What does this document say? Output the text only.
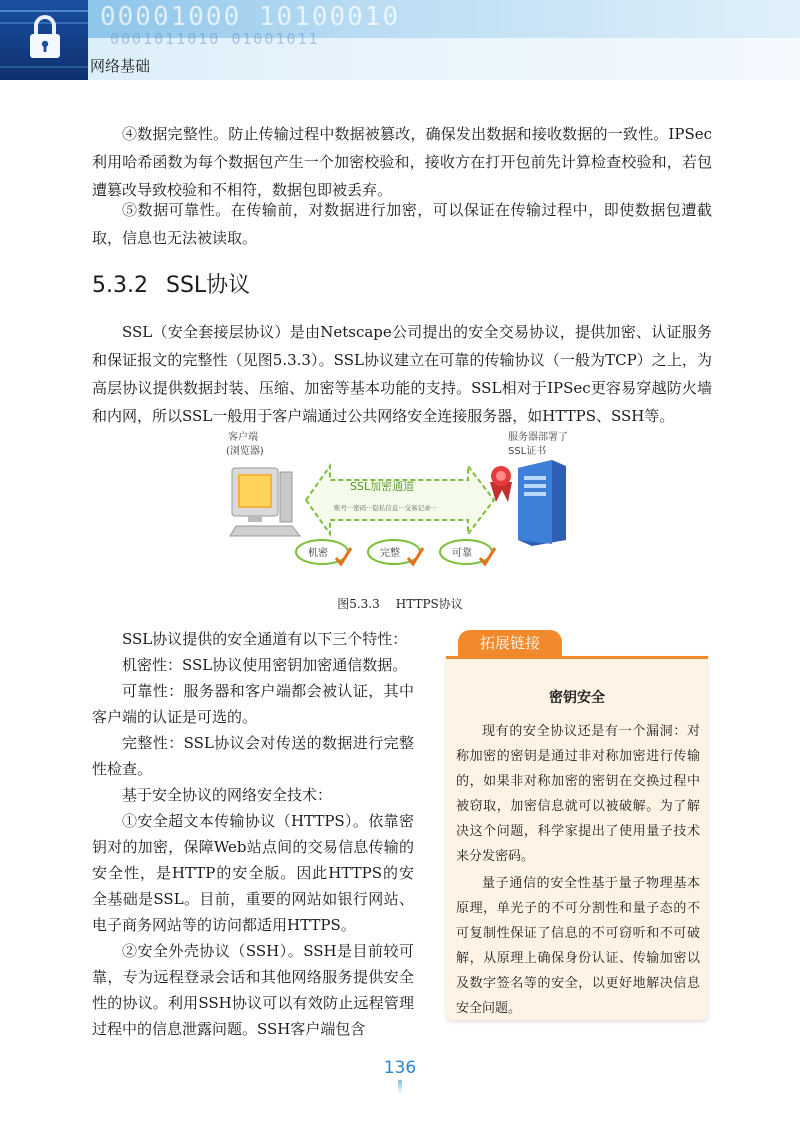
00001000 10100010
0001011010 01001011
网络基础

④数据完整性。防止传输过程中数据被篡改，确保发出数据和接收数据的一致性。IPSec利用哈希函数为每个数据包产生一个加密校验和，接收方在打开包前先计算检查校验和，若包遭篡改导致校验和不相符，数据包即被丢弃。

⑤数据可靠性。在传输前，对数据进行加密，可以保证在传输过程中，即使数据包遭截取，信息也无法被读取。

5.3.2 SSL协议

SSL（安全套接层协议）是由Netscape公司提出的安全交易协议，提供加密、认证服务和保证报文的完整性（见图5.3.3）。SSL协议建立在可靠的传输协议（一般为TCP）之上，为高层协议提供数据封装、压缩、加密等基本功能的支持。SSL相对于IPSec更容易穿越防火墙和内网，所以SSL一般用于客户端通过公共网络安全连接服务器，如HTTPS、SSH等。

客户端
(浏览器)
SSL加密通道
账号···密码···隐私信息···交易记录···
服务器部署了
SSL证书
机密	完整	可靠
图5.3.3 HTTPS协议

SSL协议提供的安全通道有以下三个特性：

机密性：SSL协议使用密钥加密通信数据。

可靠性：服务器和客户端都会被认证，其中客户端的认证是可选的。

完整性：SSL协议会对传送的数据进行完整性检查。

基于安全协议的网络安全技术：

①安全超文本传输协议（HTTPS）。依靠密钥对的加密，保障Web站点间的交易信息传输的安全性，是HTTP的安全版。因此HTTPS的安全基础是SSL。目前，重要的网站如银行网站、电子商务网站等的访问都适用HTTPS。

②安全外壳协议（SSH）。SSH是目前较可靠，专为远程登录会话和其他网络服务提供安全性的协议。利用SSH协议可以有效防止远程管理过程中的信息泄露问题。SSH客户端包含

拓展链接
密钥安全

现有的安全协议还是有一个漏洞：对称加密的密钥是通过非对称加密进行传输的，如果非对称加密的密钥在交换过程中被窃取，加密信息就可以被破解。为了解决这个问题，科学家提出了使用量子技术来分发密码。

量子通信的安全性基于量子物理基本原理，单光子的不可分割性和量子态的不可复制性保证了信息的不可窃听和不可破解，从原理上确保身份认证、传输加密以及数字签名等的安全，以更好地解决信息安全问题。

136
